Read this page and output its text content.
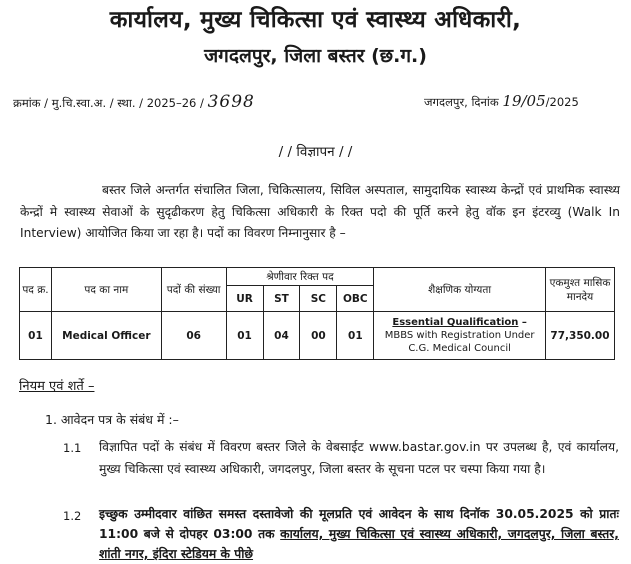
कार्यालय, मुख्य चिकित्सा एवं स्वास्थ्य अधिकारी,
जगदलपुर, जिला बस्तर (छ.ग.)
क्रमांक / मु.चि.स्वा.अ. / स्था. / 2025–26 / 3698	जगदलपुर, दिनांक 19/05/2025
/ / विज्ञापन / /
बस्तर जिले अन्तर्गत संचालित जिला, चिकित्सालय, सिविल अस्पताल, सामुदायिक स्वास्थ्य केन्द्रों एवं प्राथमिक स्वास्थ्य केन्द्रों मे स्वास्थ्य सेवाओं के सुदृढीकरण हेतु चिकित्सा अधिकारी के रिक्त पदो की पूर्ति करने हेतु वॉक इन इंटरव्यु (Walk In Interview) आयोजित किया जा रहा है। पदों का विवरण निम्नानुसार है –
पद क्र.	पद का नाम	पदों की संख्या	श्रेणीवार रिक्त पद				शैक्षणिक योग्यता	एकमुश्त मासिक मानदेय
			UR	ST	SC	OBC		
01	Medical Officer	06	01	04	00	01	Essential Qualification –
MBBS with Registration Under C.G. Medical Council	77,350.00
नियम एवं शर्ते –
1. आवेदन पत्र के संबंध में :–
1.1 विज्ञापित पदों के संबंध में विवरण बस्तर जिले के वेबसाईट www.bastar.gov.in पर उपलब्ध है, एवं कार्यालय, मुख्य चिकित्सा एवं स्वास्थ्य अधिकारी, जगदलपुर, जिला बस्तर के सूचना पटल पर चस्पा किया गया है।
1.2 इच्छुक उम्मीदवार वांछित समस्त दस्तावेजो की मूलप्रति एवं आवेदन के साथ दिनॉक 30.05.2025 को प्रातः 11:00 बजे से दोपहर 03:00 तक कार्यालय, मुख्य चिकित्सा एवं स्वास्थ्य अधिकारी, जगदलपुर, जिला बस्तर, शांती नगर, इंदिरा स्टेडियम के पीछे
